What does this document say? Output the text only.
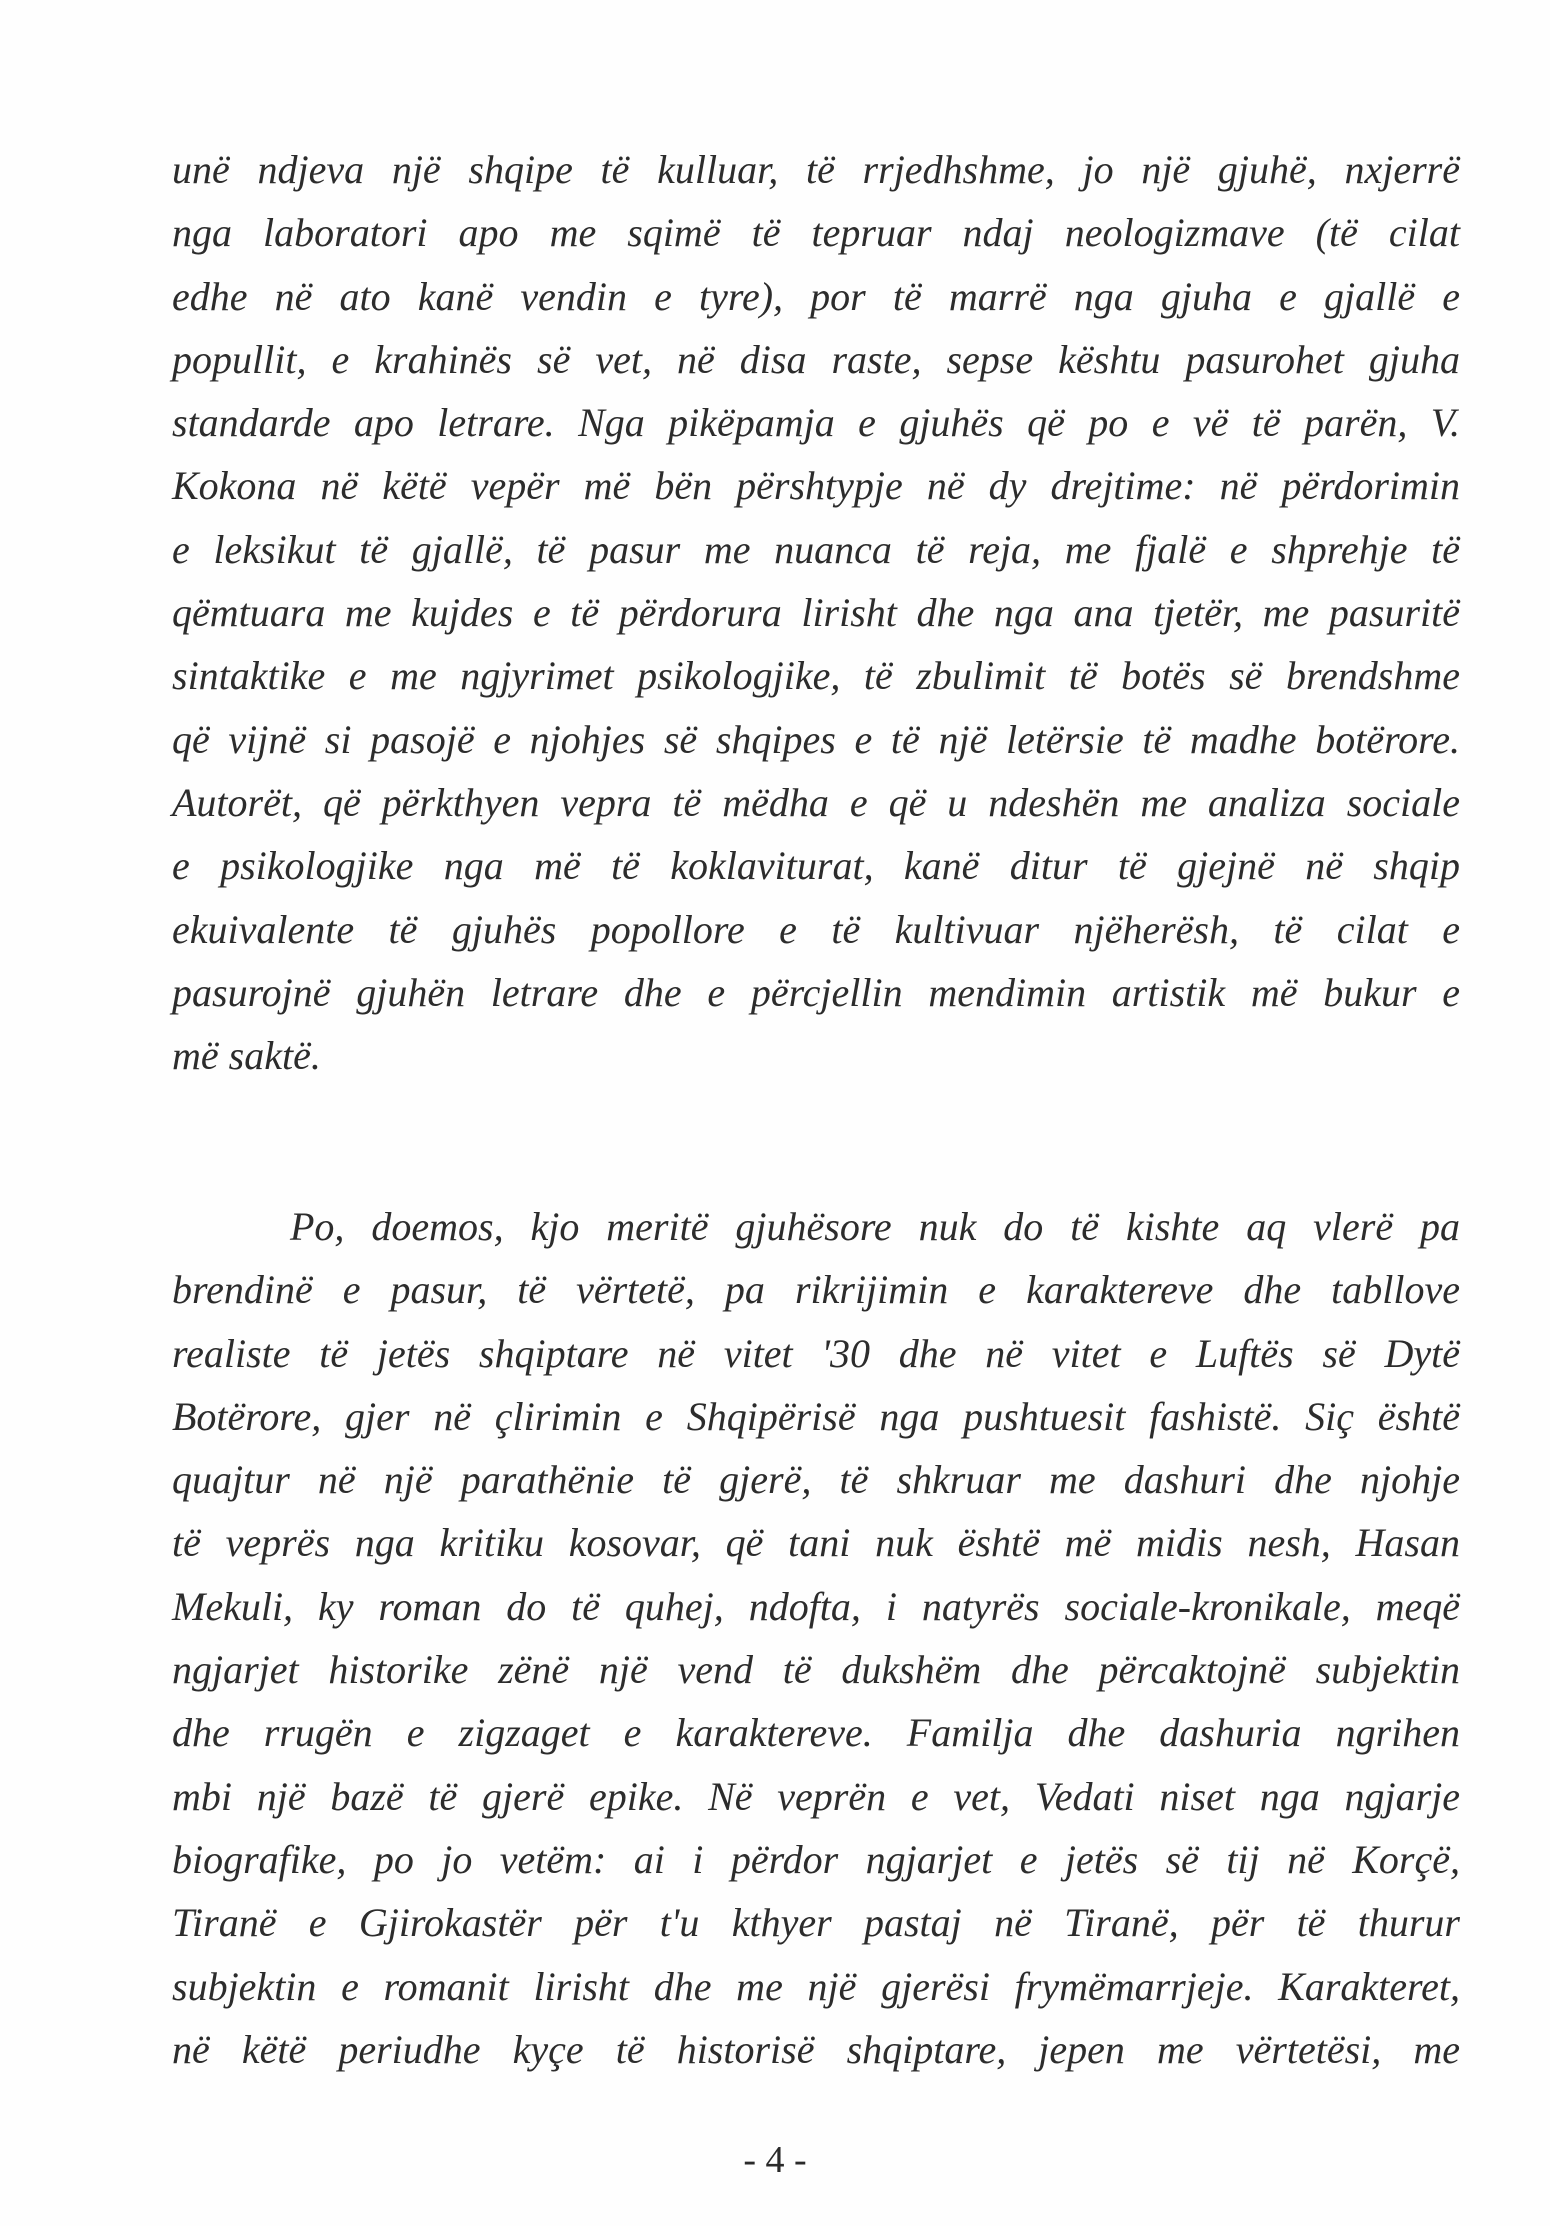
unë ndjeva një shqipe të kulluar, të rrjedhshme, jo një gjuhë, nxjerrë
nga laboratori apo me sqimë të tepruar ndaj neologizmave (të cilat
edhe në ato kanë vendin e tyre), por të marrë nga gjuha e gjallë e
popullit, e krahinës së vet, në disa raste, sepse kështu pasurohet gjuha
standarde apo letrare. Nga pikëpamja e gjuhës që po e vë të parën, V.
Kokona në këtë vepër më bën përshtypje në dy drejtime: në përdorimin
e leksikut të gjallë, të pasur me nuanca të reja, me fjalë e shprehje të
qëmtuara me kujdes e të përdorura lirisht dhe nga ana tjetër, me pasuritë
sintaktike e me ngjyrimet psikologjike, të zbulimit të botës së brendshme
që vijnë si pasojë e njohjes së shqipes e të një letërsie të madhe botërore.
Autorët, që përkthyen vepra të mëdha e që u ndeshën me analiza sociale
e psikologjike nga më të koklaviturat, kanë ditur të gjejnë në shqip
ekuivalente të gjuhës popollore e të kultivuar njëherësh, të cilat e
pasurojnë gjuhën letrare dhe e përcjellin mendimin artistik më bukur e
më saktë.
Po, doemos, kjo meritë gjuhësore nuk do të kishte aq vlerë pa
brendinë e pasur, të vërtetë, pa rikrijimin e karaktereve dhe tabllove
realiste të jetës shqiptare në vitet '30 dhe në vitet e Luftës së Dytë
Botërore, gjer në çlirimin e Shqipërisë nga pushtuesit fashistë. Siç është
quajtur në një parathënie të gjerë, të shkruar me dashuri dhe njohje
të veprës nga kritiku kosovar, që tani nuk është më midis nesh, Hasan
Mekuli, ky roman do të quhej, ndofta, i natyrës sociale-kronikale, meqë
ngjarjet historike zënë një vend të dukshëm dhe përcaktojnë subjektin
dhe rrugën e zigzaget e karaktereve. Familja dhe dashuria ngrihen
mbi një bazë të gjerë epike. Në veprën e vet, Vedati niset nga ngjarje
biografike, po jo vetëm: ai i përdor ngjarjet e jetës së tij në Korçë,
Tiranë e Gjirokastër për t'u kthyer pastaj në Tiranë, për të thurur
subjektin e romanit lirisht dhe me një gjerësi frymëmarrjeje. Karakteret,
në këtë periudhe kyçe të historisë shqiptare, jepen me vërtetësi, me
- 4 -
